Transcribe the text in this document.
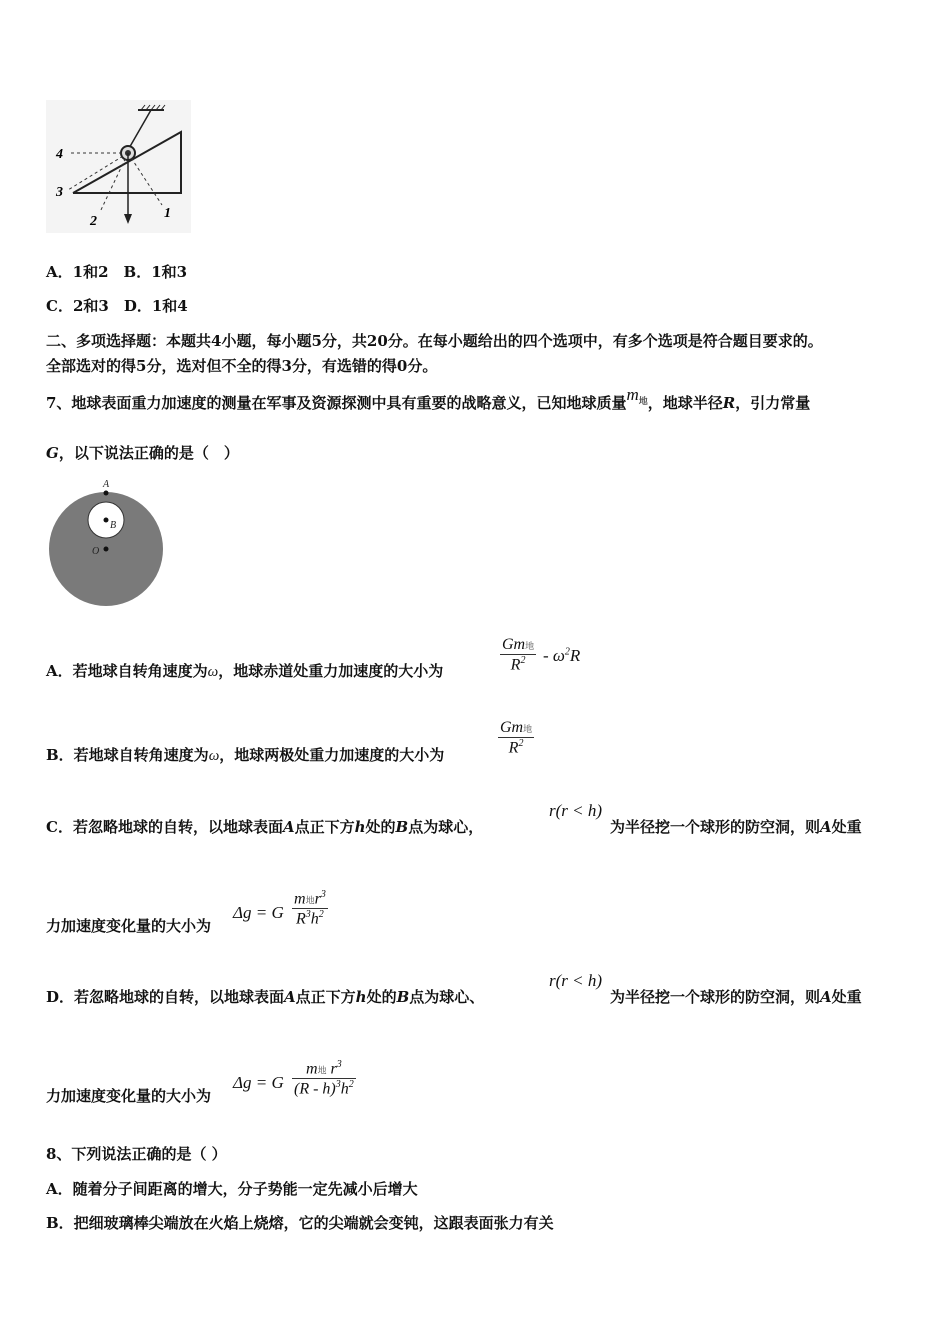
4
3
2
1
A．1和2　B．1和3
C．2和3　D．1和4
二、多项选择题：本题共4小题，每小题5分，共20分。在每小题给出的四个选项中，有多个选项是符合题目要求的。
全部选对的得5分，选对但不全的得3分，有选错的得0分。
7、地球表面重力加速度的测量在军事及资源探测中具有重要的战略意义，已知地球质量$m^地$，地球半径R，引力常量
G，以下说法正确的是（　）
A
B
O
A．若地球自转角速度为ω，地球赤道处重力加速度的大小为
Gm地
$R^2$	- $\omega^2R$
B．若地球自转角速度为ω，地球两极处重力加速度的大小为
Gm地
$R^2$
C．若忽略地球的自转，以地球表面A点正下方h处的B点为球心，
r(r < h)
为半径挖一个球形的防空洞，则A处重
力加速度变化量的大小为
Δg = G
m地$r^3$
$R^3h^2$
D．若忽略地球的自转，以地球表面A点正下方h处的B点为球心、
r(r < h)
为半径挖一个球形的防空洞，则A处重
力加速度变化量的大小为
Δg = G
m地 $r^3$
$(R - h)^3h^2$
8、下列说法正确的是（ ）
A．随着分子间距离的增大，分子势能一定先减小后增大
B．把细玻璃棒尖端放在火焰上烧熔，它的尖端就会变钝，这跟表面张力有关
